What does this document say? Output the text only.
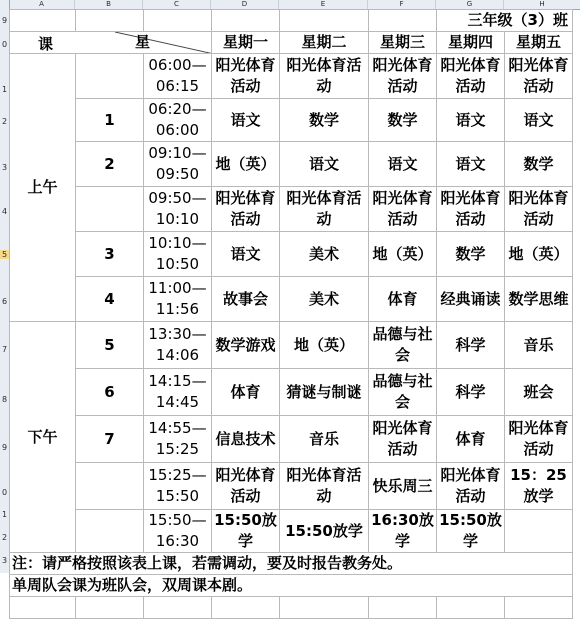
A	B	C	D	E	F	G	H
9
0
1
2
3
4
5
6
7
8
9
0
1
2
3
						三年级（3）班	

课 星			星期一	星期二	星期三	星期四	星期五
上午		06:00—06:15	阳光体育活动	阳光体育活动	阳光体育活动	阳光体育活动	阳光体育活动
	1	06:20—06:00	语文	数学	数学	语文	语文
	2	09:10—09:50	地（英）	语文	语文	语文	数学
		09:50—10:10	阳光体育活动	阳光体育活动	阳光体育活动	阳光体育活动	阳光体育活动
	3	10:10—10:50	语文	美术	地（英）	数学	地（英）
	4	11:00—11:56	故事会	美术	体育	经典诵读	数学思维
下午	5	13:30—14:06	数学游戏	地（英）	品德与社会	科学	音乐
	6	14:15—14:45	体育	猜谜与制谜	品德与社会	科学	班会
	7	14:55—15:25	信息技术	音乐	阳光体育活动	体育	阳光体育活动
		15:25—15:50	阳光体育活动	阳光体育活动	快乐周三	阳光体育活动	15：25放学
		15:50—16:30	15:50放学	15:50放学	16:30放学	15:50放学	
注：请严格按照该表上课，若需调动，要及时报告教务处。							
单周队会课为班队会，双周课本剧。							
